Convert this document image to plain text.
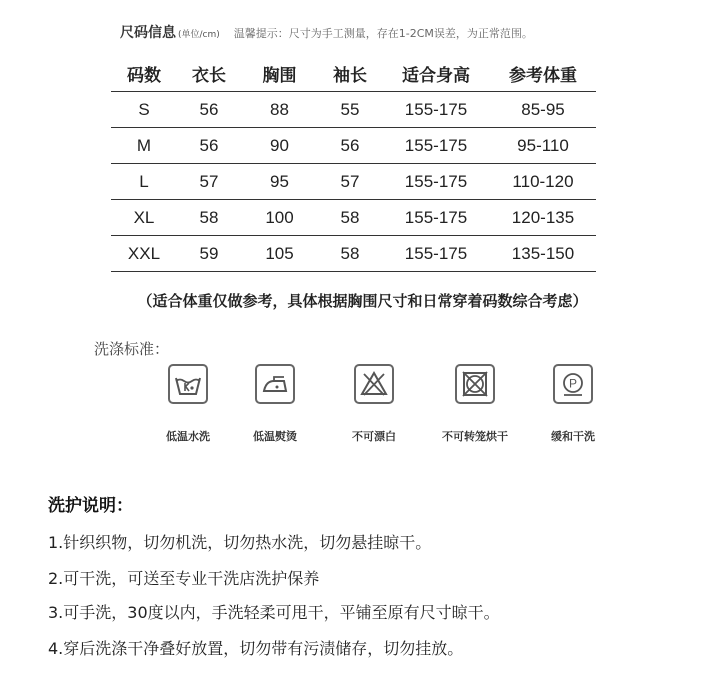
尺码信息 (单位/cm) 温馨提示：尺寸为手工测量，存在1-2CM误差，为正常范围。
码数	衣长	胸围	袖长	适合身高	参考体重
S	56	88	55	155-175	85-95
M	56	90	56	155-175	95-110
L	57	95	57	155-175	110-120
XL	58	100	58	155-175	120-135
XXL	59	105	58	155-175	135-150
（适合体重仅做参考，具体根据胸围尺寸和日常穿着码数综合考虑）
洗涤标准：
低温水洗	低温熨烫	不可漂白	不可转笼烘干
P
缓和干洗
洗护说明：
1.针织织物，切勿机洗，切勿热水洗，切勿悬挂晾干。
2.可干洗，可送至专业干洗店洗护保养
3.可手洗，30度以内，手洗轻柔可甩干，平铺至原有尺寸晾干。
4.穿后洗涤干净叠好放置，切勿带有污渍储存，切勿挂放。
